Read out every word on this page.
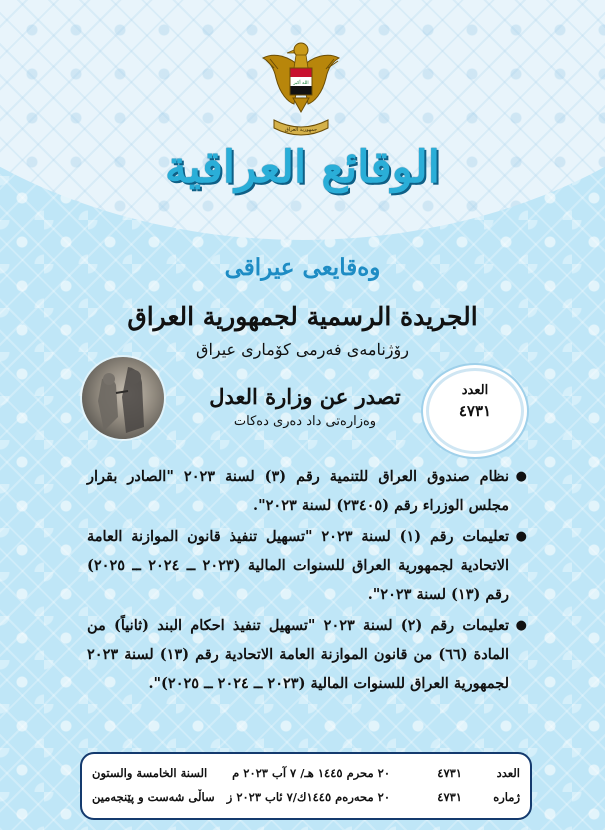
الله أكبر
جمهورية العراق
الوقائع العراقية
وەقایعی عیراقی
الجريدة الرسمية لجمهورية العراق
رۆژنامەی فەرمی کۆماری عیراق
تصدر عن وزارة العدل
وەزارەتی داد دەری دەکات
العدد
٤٧٣١
●
نظام صندوق العراق للتنمية رقم (٣) لسنة ٢٠٢٣ "الصادر بقرار مجلس الوزراء رقم (٢٣٤٠٥) لسنة ٢٠٢٣".
●
تعليمات رقم (١) لسنة ٢٠٢٣ "تسهيل تنفيذ قانون الموازنة العامة الاتحادية لجمهورية العراق للسنوات المالية (٢٠٢٣ ــ ٢٠٢٤ ــ ٢٠٢٥) رقم (١٣) لسنة ٢٠٢٣".
●
تعليمات رقم (٢) لسنة ٢٠٢٣ "تسهيل تنفيذ احكام البند (ثانياً) من المادة (٦٦) من قانون الموازنة العامة الاتحادية رقم (١٣) لسنة ٢٠٢٣ لجمهورية العراق للسنوات المالية (٢٠٢٣ ــ ٢٠٢٤ ــ ٢٠٢٥)".
العدد
٤٧٣١
٢٠ محرم ١٤٤٥ هـ/ ٧ آب ٢٠٢٣ م
السنة الخامسة والستون
ژمارە
٤٧٣١
٢٠ محەرەم ١٤٤٥ك/٧ ئاب ٢٠٢٣ ز
ساڵی شەست و پێنجەمین
